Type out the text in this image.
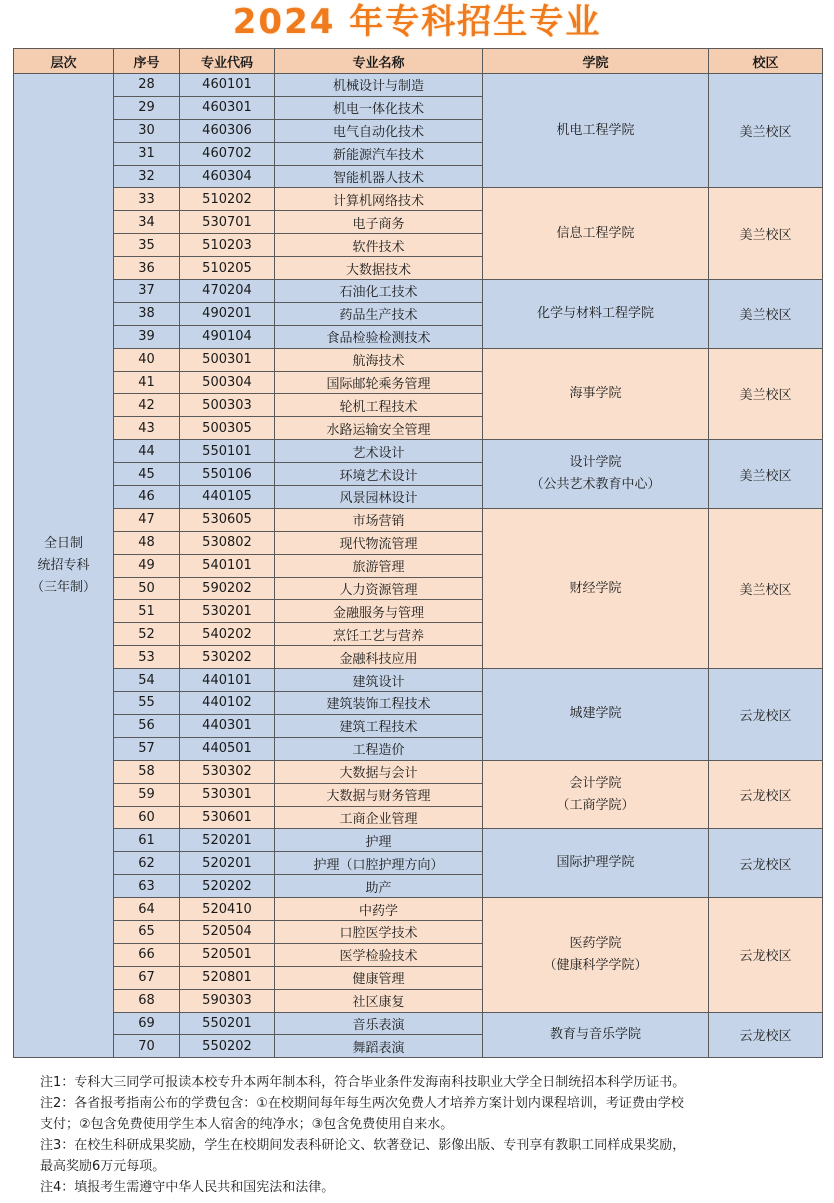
2024 年专科招生专业
层次	序号	专业代码	专业名称	学院	校区

全日制
统招专科
（三年制）	28	460101	机械设计与制造	机电工程学院	美兰校区
	29	460301	机电一体化技术		
	30	460306	电气自动化技术		
	31	460702	新能源汽车技术		
	32	460304	智能机器人技术		
	33	510202	计算机网络技术	信息工程学院	美兰校区
	34	530701	电子商务		
	35	510203	软件技术		
	36	510205	大数据技术		
	37	470204	石油化工技术	化学与材料工程学院	美兰校区
	38	490201	药品生产技术		
	39	490104	食品检验检测技术		
	40	500301	航海技术	海事学院	美兰校区
	41	500304	国际邮轮乘务管理		
	42	500303	轮机工程技术		
	43	500305	水路运输安全管理		
	44	550101	艺术设计	设计学院
（公共艺术教育中心）	美兰校区
	45	550106	环境艺术设计		
	46	440105	风景园林设计		
	47	530605	市场营销	财经学院	美兰校区
	48	530802	现代物流管理		
	49	540101	旅游管理		
	50	590202	人力资源管理		
	51	530201	金融服务与管理		
	52	540202	烹饪工艺与营养		
	53	530202	金融科技应用		
	54	440101	建筑设计	城建学院	云龙校区
	55	440102	建筑装饰工程技术		
	56	440301	建筑工程技术		
	57	440501	工程造价		
	58	530302	大数据与会计	会计学院
（工商学院）	云龙校区
	59	530301	大数据与财务管理		
	60	530601	工商企业管理		
	61	520201	护理	国际护理学院	云龙校区
	62	520201	护理（口腔护理方向）		
	63	520202	助产		
	64	520410	中药学	医药学院
（健康科学学院）	云龙校区
	65	520504	口腔医学技术		
	66	520501	医学检验技术		
	67	520801	健康管理		
	68	590303	社区康复		
	69	550201	音乐表演	教育与音乐学院	云龙校区
	70	550202	舞蹈表演		

注1：专科大三同学可报读本校专升本两年制本科，符合毕业条件发海南科技职业大学全日制统招本科学历证书。

注2：各省报考指南公布的学费包含：①在校期间每年每生两次免费人才培养方案计划内课程培训，考证费由学校

支付；②包含免费使用学生本人宿舍的纯净水；③包含免费使用自来水。

注3：在校生科研成果奖励，学生在校期间发表科研论文、软著登记、影像出版、专刊享有教职工同样成果奖励，

最高奖励6万元每项。

注4：填报考生需遵守中华人民共和国宪法和法律。
